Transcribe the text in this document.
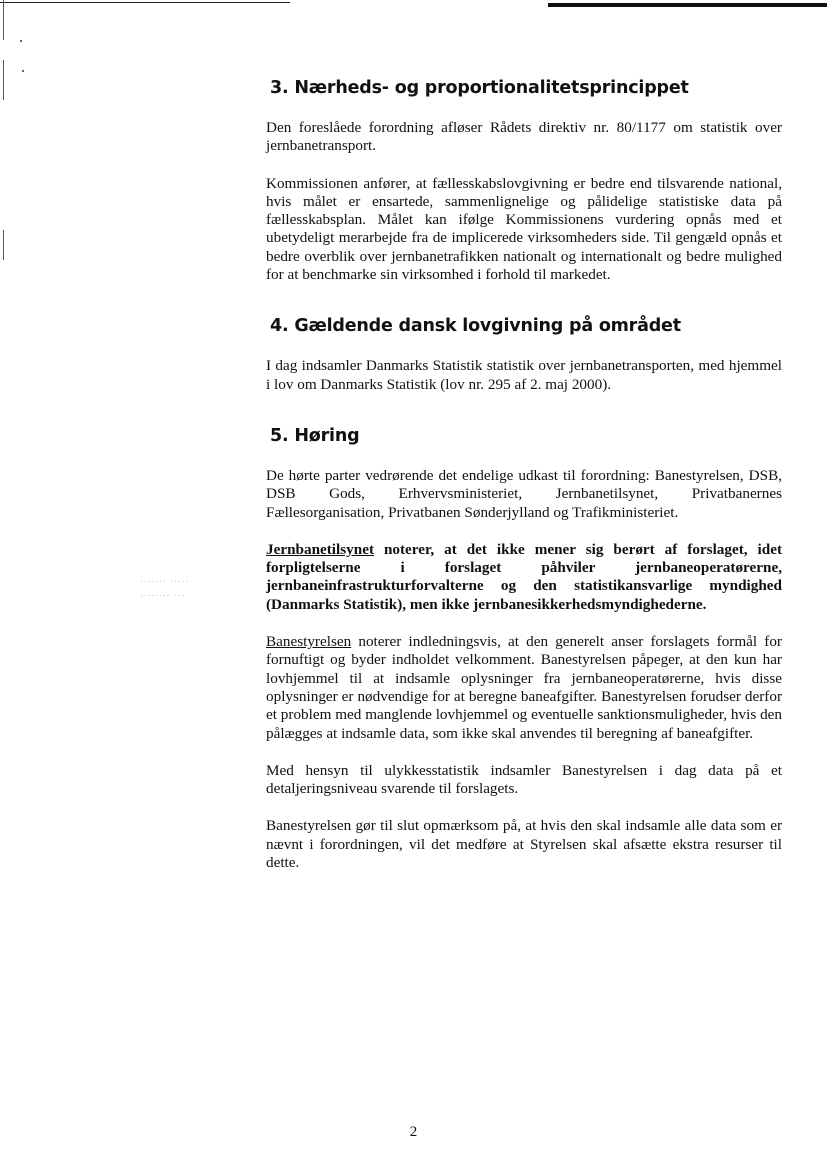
······· ·····
········ ···
3. Nærheds- og proportionalitetsprincippet

Den foreslåede forordning afløser Rådets direktiv nr. 80/1177 om statistik over jernbanetransport.

Kommissionen anfører, at fællesskabslovgivning er bedre end tilsvarende national, hvis målet er ensartede, sammenlignelige og pålidelige statistiske data på fællesskabsplan. Målet kan ifølge Kommissionens vurdering opnås med et ubetydeligt merarbejde fra de implicerede virksomheders side. Til gengæld opnås et bedre overblik over jernbanetrafikken nationalt og internationalt og bedre mulighed for at benchmarke sin virksomhed i forhold til markedet.

4. Gældende dansk lovgivning på området

I dag indsamler Danmarks Statistik statistik over jernbanetransporten, med hjemmel i lov om Danmarks Statistik (lov nr. 295 af 2. maj 2000).

5. Høring

De hørte parter vedrørende det endelige udkast til forordning: Banestyrelsen, DSB, DSB Gods, Erhvervsministeriet, Jernbanetilsynet, Privatbanernes Fællesorganisation, Privatbanen Sønderjylland og Trafikministeriet.

Jernbanetilsynet noterer, at det ikke mener sig berørt af forslaget, idet forpligtelserne i forslaget påhviler jernbaneoperatørerne, jernbaneinfrastrukturforvalterne og den statistikansvarlige myndighed (Danmarks Statistik), men ikke jernbanesikkerhedsmyndighederne.

Banestyrelsen noterer indledningsvis, at den generelt anser forslagets formål for fornuftigt og byder indholdet velkomment. Banestyrelsen påpeger, at den kun har lovhjemmel til at indsamle oplysninger fra jernbaneoperatørerne, hvis disse oplysninger er nødvendige for at beregne baneafgifter. Banestyrelsen forudser derfor et problem med manglende lovhjemmel og eventuelle sanktionsmuligheder, hvis den pålægges at indsamle data, som ikke skal anvendes til beregning af baneafgifter.

Med hensyn til ulykkesstatistik indsamler Banestyrelsen i dag data på et detaljeringsniveau svarende til forslagets.

Banestyrelsen gør til slut opmærksom på, at hvis den skal indsamle alle data som er nævnt i forordningen, vil det medføre at Styrelsen skal afsætte ekstra resurser til dette.

2
